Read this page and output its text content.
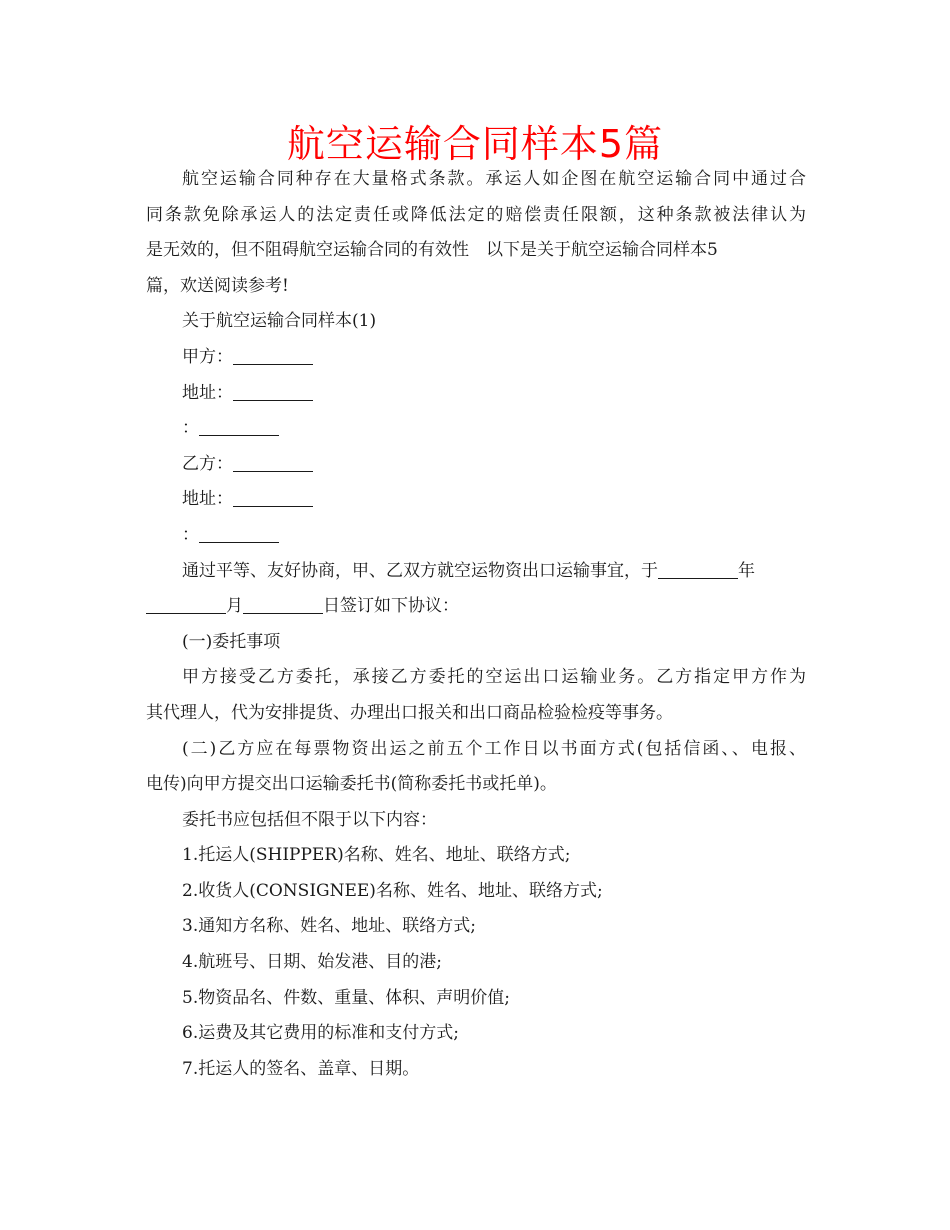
航空运输合同样本5篇

航空运输合同种存在大量格式条款。承运人如企图在航空运输合同中通过合

同条款免除承运人的法定责任或降低法定的赔偿责任限额，这种条款被法律认为

是无效的，但不阻碍航空运输合同的有效性　以下是关于航空运输合同样本5

篇，欢送阅读参考!

关于航空运输合同样本(1)

甲方：

地址：

：

乙方：

地址：

：

通过平等、友好协商，甲、乙双方就空运物资出口运输事宜，于	年

月	日签订如下协议：

(一)委托事项

甲方接受乙方委托，承接乙方委托的空运出口运输业务。乙方指定甲方作为

其代理人，代为安排提货、办理出口报关和出口商品检验检疫等事务。

(二)乙方应在每票物资出运之前五个工作日以书面方式(包括信函、、电报、

电传)向甲方提交出口运输委托书(简称委托书或托单)。

委托书应包括但不限于以下内容：

1.托运人(SHIPPER)名称、姓名、地址、联络方式;

2.收货人(CONSIGNEE)名称、姓名、地址、联络方式;

3.通知方名称、姓名、地址、联络方式;

4.航班号、日期、始发港、目的港;

5.物资品名、件数、重量、体积、声明价值;

6.运费及其它费用的标准和支付方式;

7.托运人的签名、盖章、日期。
